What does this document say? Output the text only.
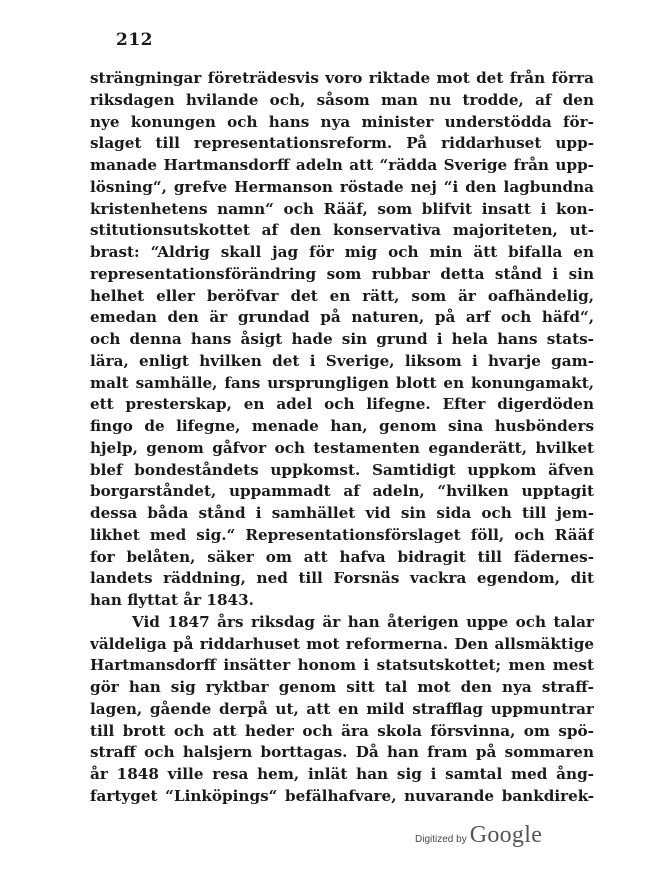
212
strängningar företrädesvis voro riktade mot det från förra
riksdagen hvilande och, såsom man nu trodde, af den
nye konungen och hans nya minister understödda för-
slaget till representationsreform. På riddarhuset upp-
manade Hartmansdorff adeln att “rädda Sverige från upp-
lösning“, grefve Hermanson röstade nej “i den lagbundna
kristenhetens namn“ och Rääf, som blifvit insatt i kon-
stitutionsutskottet af den konservativa majoriteten, ut-
brast: “Aldrig skall jag för mig och min ätt bifalla en
representationsförändring som rubbar detta stånd i sin
helhet eller beröfvar det en rätt, som är oafhändelig,
emedan den är grundad på naturen, på arf och häfd“,
och denna hans åsigt hade sin grund i hela hans stats-
lära, enligt hvilken det i Sverige, liksom i hvarje gam-
malt samhälle, fans ursprungligen blott en konungamakt,
ett presterskap, en adel och lifegne. Efter digerdöden
fingo de lifegne, menade han, genom sina husbönders
hjelp, genom gåfvor och testamenten eganderätt, hvilket
blef bondeståndets uppkomst. Samtidigt uppkom äfven
borgarståndet, uppammadt af adeln, “hvilken upptagit
dessa båda stånd i samhället vid sin sida och till jem-
likhet med sig.“ Representationsförslaget föll, och Rääf
for belåten, säker om att hafva bidragit till fädernes-
landets räddning, ned till Forsnäs vackra egendom, dit
han flyttat år 1843.
Vid 1847 års riksdag är han återigen uppe och talar
väldeliga på riddarhuset mot reformerna. Den allsmäktige
Hartmansdorff insätter honom i statsutskottet; men mest
gör han sig ryktbar genom sitt tal mot den nya straff-
lagen, gående derpå ut, att en mild strafflag uppmuntrar
till brott och att heder och ära skola försvinna, om spö-
straff och halsjern borttagas. Då han fram på sommaren
år 1848 ville resa hem, inlät han sig i samtal med ång-
fartyget “Linköpings“ befälhafvare, nuvarande bankdirek-
Digitized by Google
